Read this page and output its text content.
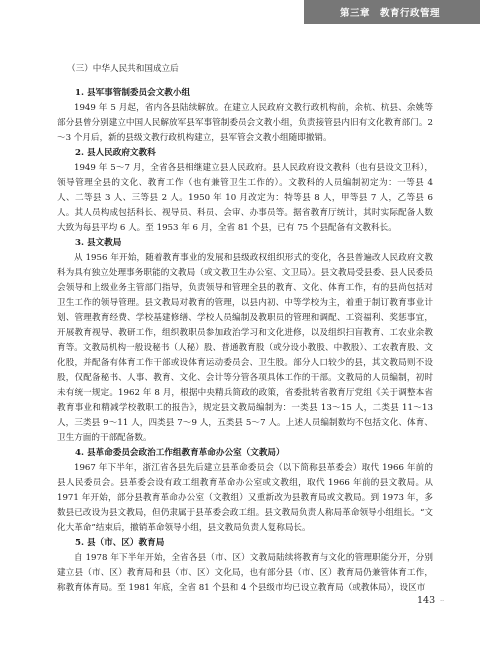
第三章　教育行政管理

（三）中华人民共和国成立后

1. 县军事管制委员会文教小组

1949 年 5 月起，省内各县陆续解放。在建立人民政府文教行政机构前，余杭、杭县、余姚等部分县曾分别建立中国人民解放军县军事管制委员会文教小组，负责接管县内旧有文化教育部门。2～3 个月后，新的县级文教行政机构建立，县军管会文教小组随即撤销。

2. 县人民政府文教科

1949 年 5～7 月，全省各县相继建立县人民政府。县人民政府设文教科（也有县设文卫科），领导管理全县的文化、教育工作（也有兼管卫生工作的）。文教科的人员编制初定为：一等县 4 人、二等县 3 人、三等县 2 人。1950 年 10 月改定为：特等县 8 人，甲等县 7 人，乙等县 6 人。其人员构成包括科长、视导员、科员、会审、办事员等。据省教育厅统计，其时实际配备人数大致为每县平均 6 人。至 1953 年 6 月，全省 81 个县，已有 75 个县配备有文教科长。

3. 县文教局

从 1956 年开始，随着教育事业的发展和县级政权组织形式的变化，各县普遍改人民政府文教科为具有独立处理事务职能的文教局（或文教卫生办公室、文卫局）。县文教局受县委、县人民委员会领导和上级业务主管部门指导，负责领导和管理全县的教育、文化、体育工作，有的县尚包括对卫生工作的领导管理。县文教局对教育的管理，以县内初、中等学校为主，着重于制订教育事业计划、管理教育经费、学校基建修缮、学校人员编制及教职员的管理和调配、工资福利、奖惩事宜，开展教育视导、教研工作，组织教职员参加政治学习和文化进修，以及组织扫盲教育、工农业余教育等。文教局机构一般设秘书（人秘）股、普通教育股（或分设小教股、中教股）、工农教育股、文化股，并配备有体育工作干部或设体育运动委员会、卫生股。部分人口较少的县，其文教局则不设股，仅配备秘书、人事、教育、文化、会计等分管各项具体工作的干部。文教局的人员编制，初时未有统一规定。1962 年 8 月，根据中央精兵简政的政策，省委批转省教育厅党组《关于调整本省教育事业和精减学校教职工的报告》，规定县文教局编制为：一类县 13～15 人，二类县 11～13 人，三类县 9～11 人，四类县 7～9 人，五类县 5～7 人。上述人员编制数均不包括文化、体育、卫生方面的干部配备数。

4. 县革命委员会政治工作组教育革命办公室（文教局）

1967 年下半年，浙江省各县先后建立县革命委员会（以下简称县革委会）取代 1966 年前的县人民委员会。县革委会设有政工组教育革命办公室或文教组，取代 1966 年前的县文教局。从 1971 年开始，部分县教育革命办公室（文教组）又重新改为县教育局或文教局。到 1973 年，多数县已改设为县文教局，但仍隶属于县革委会政工组。县文教局负责人称局革命领导小组组长。“文化大革命”结束后，撤销革命领导小组，县文教局负责人复称局长。

5. 县（市、区）教育局

自 1978 年下半年开始，全省各县（市、区）文教局陆续将教育与文化的管理职能分开，分别建立县（市、区）教育局和县（市、区）文化局，也有部分县（市、区）教育局仍兼管体育工作，称教育体育局。至 1981 年底，全省 81 个县和 4 个县级市均已设立教育局（或教体局），设区市

143 ··
